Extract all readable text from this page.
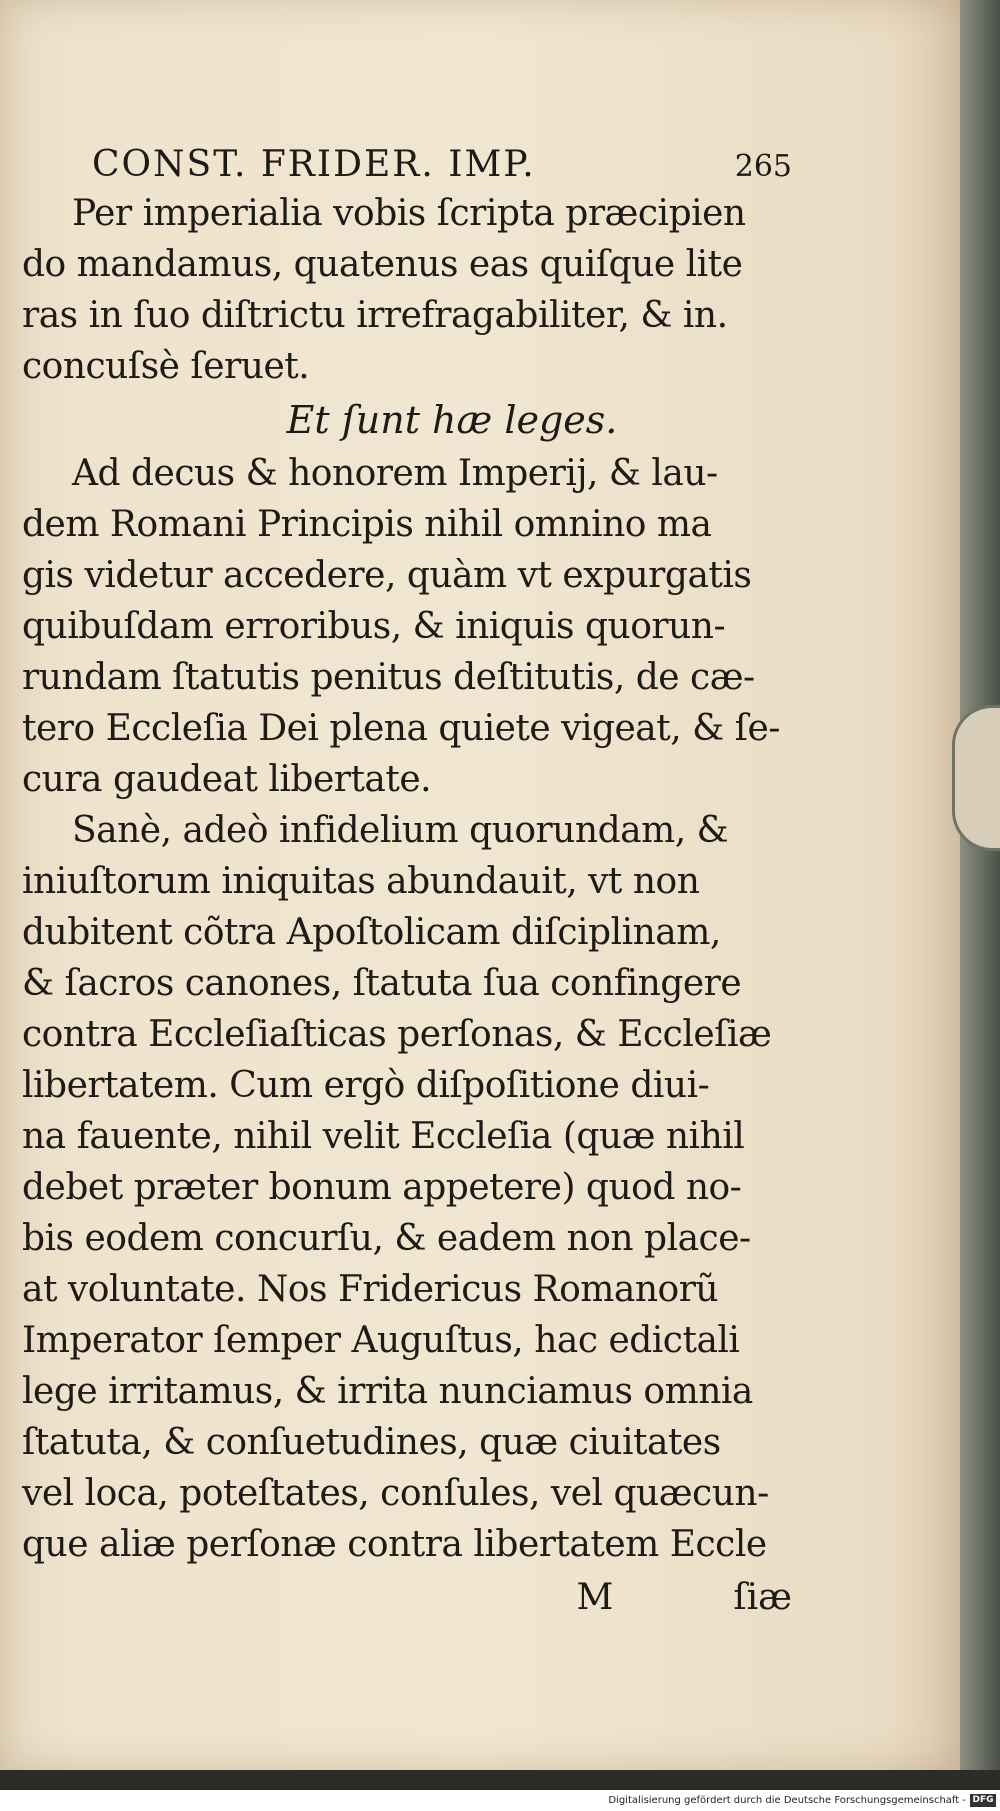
CONST. FRIDER. IMP.	265
Per imperialia vobis ſcripta præcipien
do mandamus, quatenus eas quiſque lite
ras in ſuo diſtrictu irrefragabiliter, & in.
concuſsè ſeruet.
Et ſunt hæ leges.
Ad decus & honorem Imperij, & lau-
dem Romani Principis nihil omnino ma
gis videtur accedere, quàm vt expurgatis
quibuſdam erroribus, & iniquis quorun-
rundam ſtatutis penitus deſtitutis, de cæ-
tero Eccleſia Dei plena quiete vigeat, & ſe-
cura gaudeat libertate.
Sanè, adeò infidelium quorundam, &
iniuſtorum iniquitas abundauit, vt non
dubitent cõtra Apoſtolicam diſciplinam,
& ſacros canones, ſtatuta ſua confingere
contra Eccleſiaſticas perſonas, & Eccleſiæ
libertatem. Cum ergò diſpoſitione diui-
na fauente, nihil velit Eccleſia (quæ nihil
debet præter bonum appetere) quod no-
bis eodem concurſu, & eadem non place-
at voluntate. Nos Fridericus Romanorũ
Imperator ſemper Auguſtus, hac edictali
lege irritamus, & irrita nunciamus omnia
ſtatuta, & conſuetudines, quæ ciuitates
vel loca, poteſtates, conſules, vel quæcun-
que aliæ perſonæ contra libertatem Eccle
M	ſiæ
Digitalisierung gefördert durch die Deutsche Forschungsgemeinschaft - DFG
